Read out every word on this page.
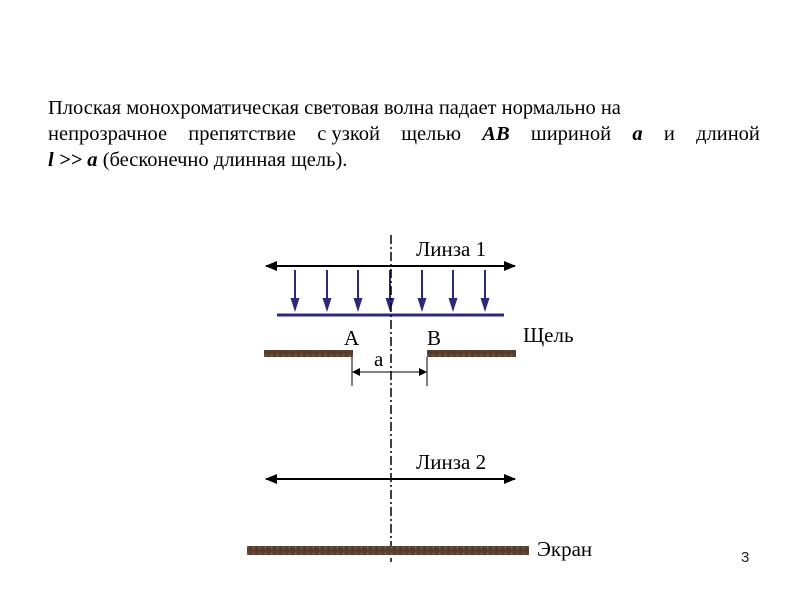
Плоская монохроматическая световая волна падает нормально на
непрозрачное препятствие с узкой щелью AB шириной a и длиной
l >> a (бесконечно длинная щель).
Линза 1
A	B	Щель
a
Линза 2
Экран	3
